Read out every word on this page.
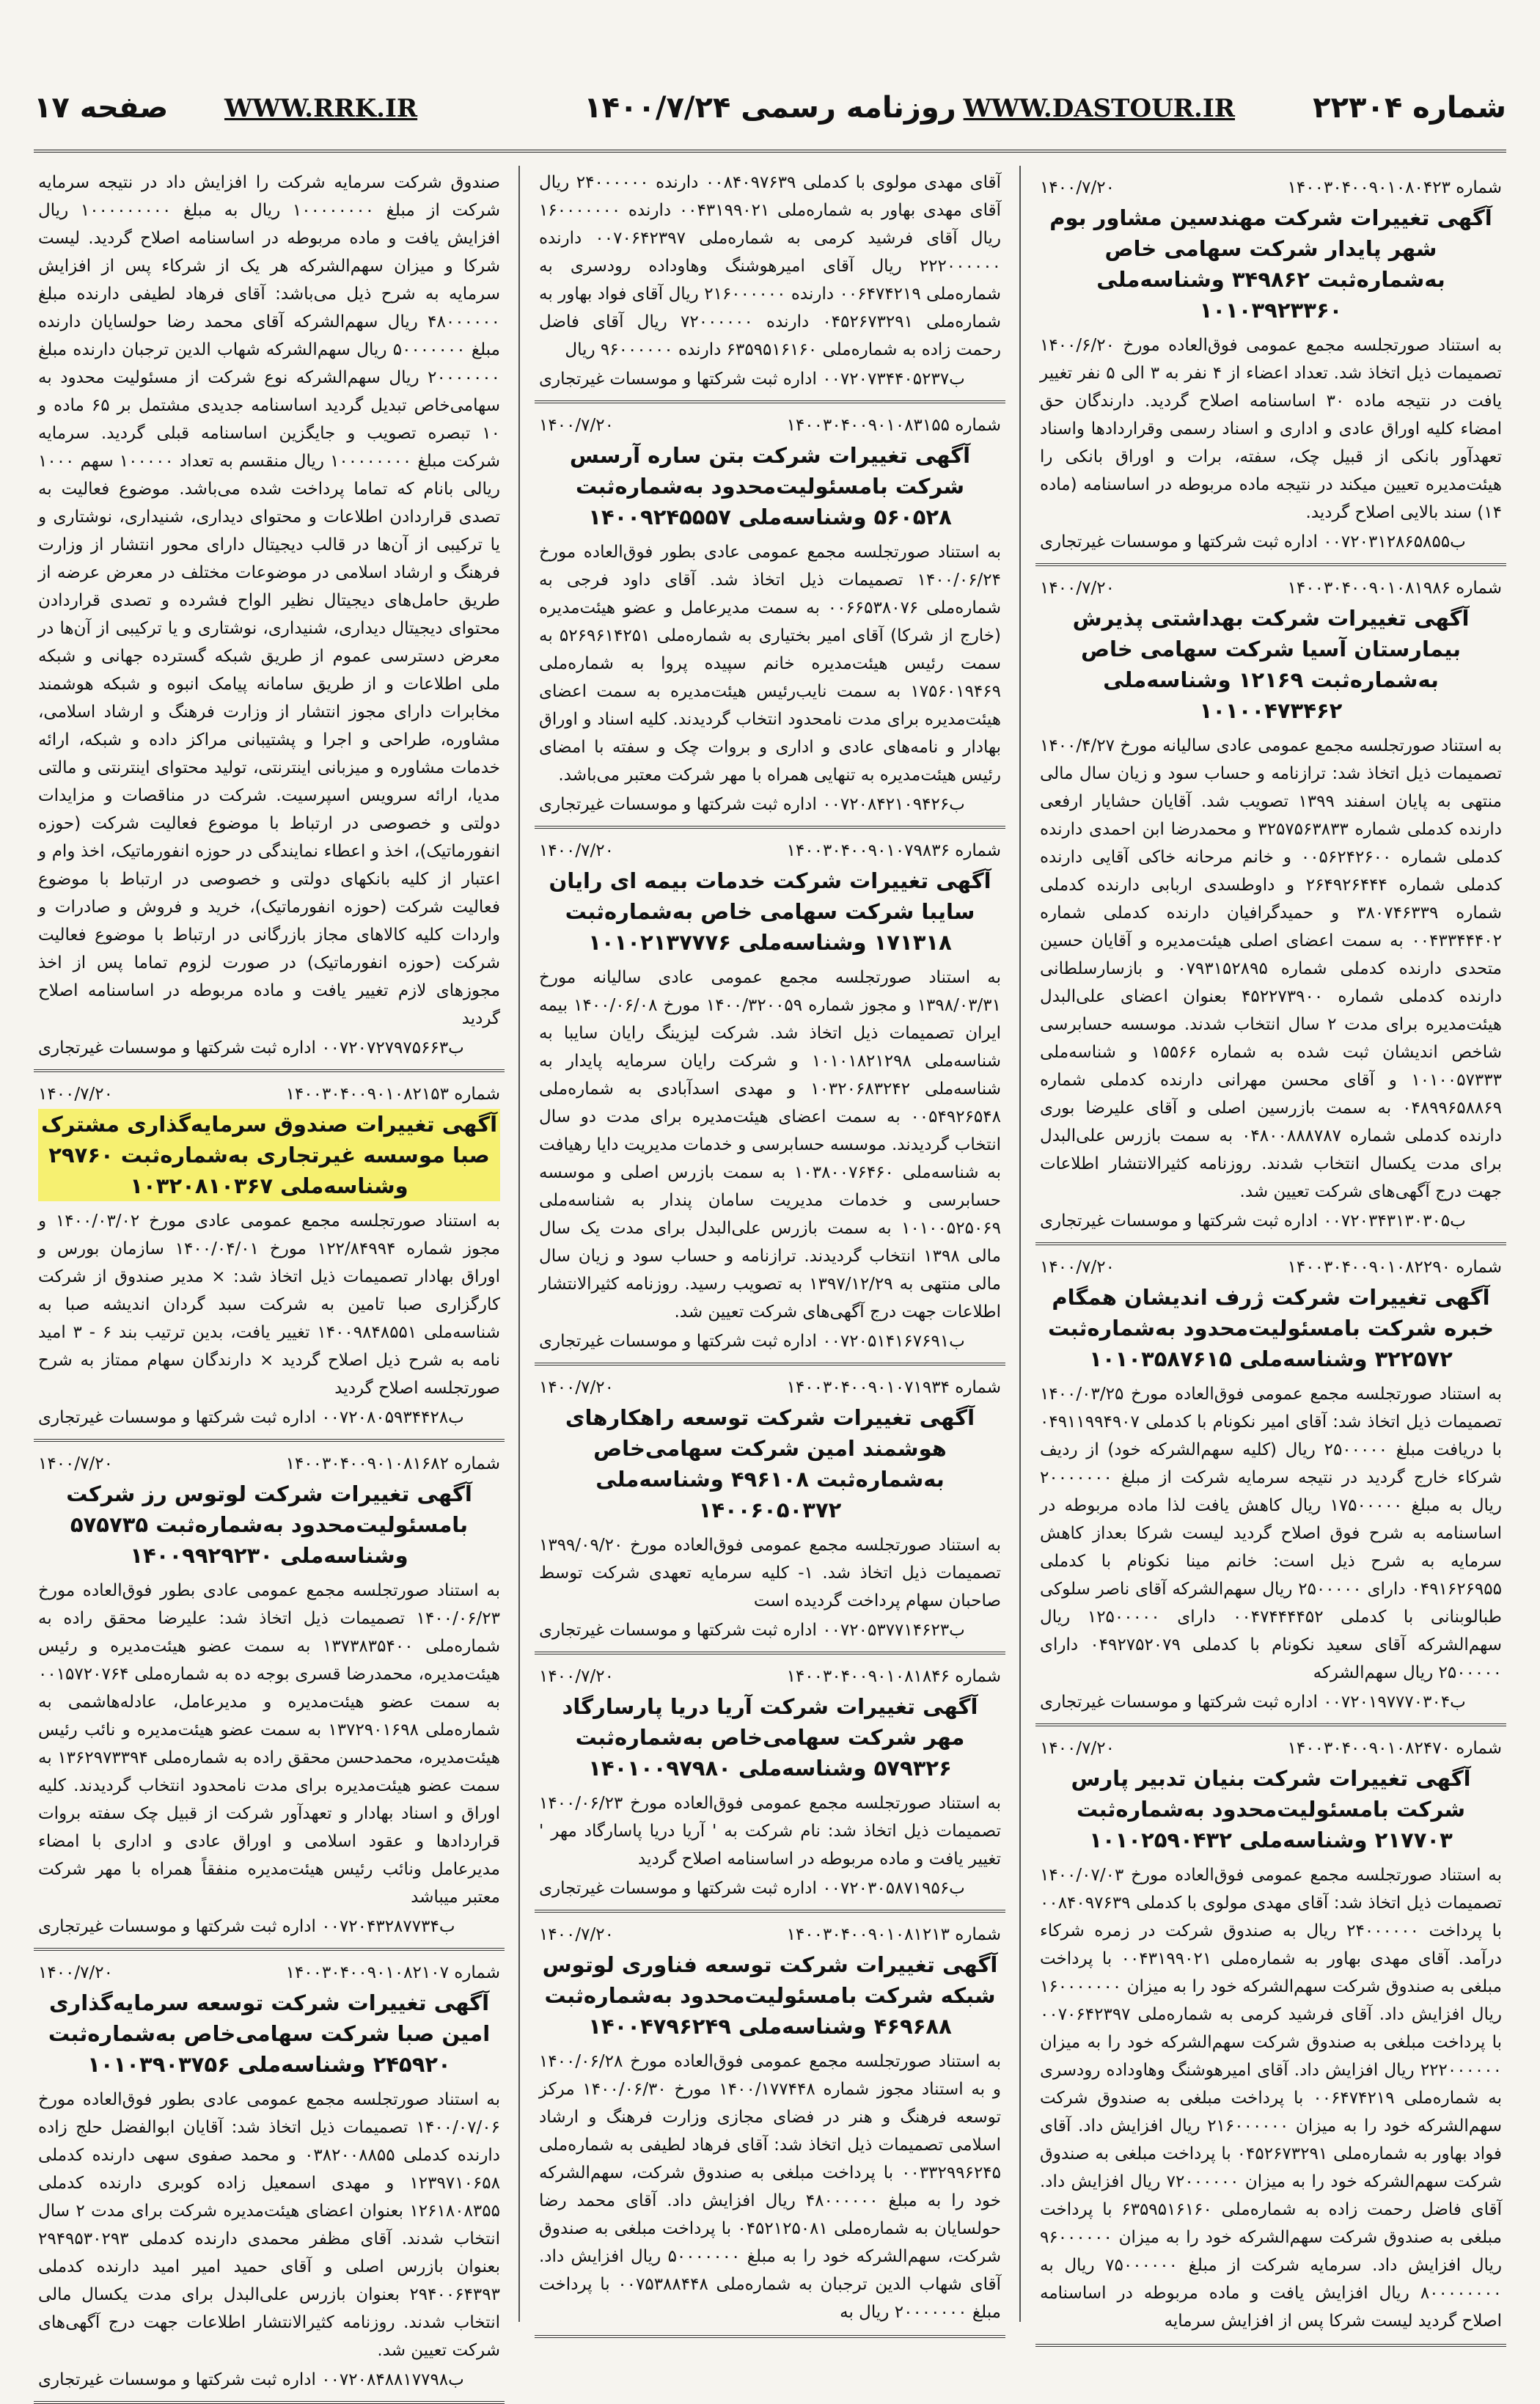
شماره ۲۲۳۰۴
WWW.DASTOUR.IR
روزنامه رسمی ۱۴۰۰/۷/۲۴
WWW.RRK.IR
صفحه ۱۷
شماره ۱۴۰۰۳۰۴۰۰۹۰۱۰۸۰۴۲۳
۱۴۰۰/۷/۲۰
آگهی تغییرات شرکت مهندسین مشاور بوم شهر پایدار شرکت سهامی خاص به‌شماره‌ثبت ۳۴۹۸۶۲ وشناسه‌ملی ۱۰۱۰۳۹۲۳۳۶۰

به استناد صورتجلسه مجمع عمومی فوق‌العاده مورخ ۱۴۰۰/۶/۲۰ تصمیمات ذیل اتخاذ شد. تعداد اعضاء از ۴ نفر به ۳ الی ۵ نفر تغییر یافت در نتیجه ماده ۳۰ اساسنامه اصلاح گردید. دارندگان حق امضاء کلیه اوراق عادی و اداری و اسناد رسمی وقراردادها واسناد تعهدآور بانکی از قبیل چک، سفته، برات و اوراق بانکی را هیئت‌مدیره تعیین میکند در نتیجه ماده مربوطه در اساسنامه (ماده ۱۴) سند بالایی اصلاح گردید.

ب۰۰۷۲۰۳۱۲۸۶۵۸۵۵ اداره ثبت شرکتها و موسسات غیرتجاری
شماره ۱۴۰۰۳۰۴۰۰۹۰۱۰۸۱۹۸۶
۱۴۰۰/۷/۲۰
آگهی تغییرات شرکت بهداشتی پذیرش بیمارستان آسیا شرکت سهامی خاص به‌شماره‌ثبت ۱۲۱۶۹ وشناسه‌ملی ۱۰۱۰۰۴۷۳۴۶۲

به استناد صورتجلسه مجمع عمومی عادی سالیانه مورخ ۱۴۰۰/۴/۲۷ تصمیمات ذیل اتخاذ شد: ترازنامه و حساب سود و زیان سال مالی منتهی به پایان اسفند ۱۳۹۹ تصویب شد. آقایان حشایار ارفعی دارنده کدملی شماره ۳۲۵۷۵۶۳۸۳۳ و محمدرضا ابن احمدی دارنده کدملی شماره ۰۰۵۶۲۴۲۶۰۰ و خانم مرحانه خاکی آقایی دارنده کدملی شماره ۲۶۴۹۲۶۴۴۴ و داوطسدی اربابی دارنده کدملی شماره ۳۸۰۷۴۶۳۳۹ و حمیدگرافیان دارنده کدملی شماره ۰۰۴۳۳۴۴۴۰۲ به سمت اعضای اصلی هیئت‌مدیره و آقایان حسین متحدی دارنده کدملی شماره ۰۷۹۳۱۵۲۸۹۵ و بازسارسلطانی دارنده کدملی شماره ۴۵۲۲۷۳۹۰۰ بعنوان اعضای علی‌البدل هیئت‌مدیره برای مدت ۲ سال انتخاب شدند. موسسه حسابرسی شاخص اندیشان ثبت شده به شماره ۱۵۵۶۶ و شناسه‌ملی ۱۰۱۰۰۵۷۳۳۳ و آقای محسن مهرانی دارنده کدملی شماره ۰۴۸۹۹۶۵۸۸۶۹ به سمت بازرسین اصلی و آقای علیرضا بوری دارنده کدملی شماره ۰۴۸۰۰۸۸۸۷۸۷ به سمت بازرس علی‌البدل برای مدت یکسال انتخاب شدند. روزنامه کثیرالانتشار اطلاعات جهت درج آگهی‌های شرکت تعیین شد.

ب۰۰۷۲۰۳۴۳۱۳۰۳۰۵ اداره ثبت شرکتها و موسسات غیرتجاری
شماره ۱۴۰۰۳۰۴۰۰۹۰۱۰۸۲۲۹۰
۱۴۰۰/۷/۲۰
آگهی تغییرات شرکت ژرف اندیشان همگام خبره شرکت بامسئولیت‌محدود به‌شماره‌ثبت ۳۲۲۵۷۲ وشناسه‌ملی ۱۰۱۰۳۵۸۷۶۱۵

به استناد صورتجلسه مجمع عمومی فوق‌العاده مورخ ۱۴۰۰/۰۳/۲۵ تصمیمات ذیل اتخاذ شد: آقای امیر نکونام با کدملی ۰۴۹۱۱۹۹۴۹۰۷ با دریافت مبلغ ۲۵۰۰۰۰۰ ریال (کلیه سهم‌الشرکه خود) از ردیف شرکاء خارج گردید در نتیجه سرمایه شرکت از مبلغ ۲۰۰۰۰۰۰۰ ریال به مبلغ ۱۷۵۰۰۰۰۰ ریال کاهش یافت لذا ماده مربوطه در اساسنامه به شرح فوق اصلاح گردید لیست شرکا بعداز کاهش سرمایه به شرح ذیل است: خانم مینا نکونام با کدملی ۰۴۹۱۶۲۶۹۵۵ دارای ۲۵۰۰۰۰۰ ریال سهم‌الشرکه آقای ناصر سلوکی طبالوبنانی با کدملی ۰۰۴۷۴۴۴۴۵۲ دارای ۱۲۵۰۰۰۰۰ ریال سهم‌الشرکه آقای سعید نکونام با کدملی ۰۴۹۲۷۵۲۰۷۹ دارای ۲۵۰۰۰۰۰ ریال سهم‌الشرکه

ب۰۰۷۲۰۱۹۷۷۷۰۳۰۴ اداره ثبت شرکتها و موسسات غیرتجاری
شماره ۱۴۰۰۳۰۴۰۰۹۰۱۰۸۲۴۷۰
۱۴۰۰/۷/۲۰
آگهی تغییرات شرکت بنیان تدبیر پارس شرکت بامسئولیت‌محدود به‌شماره‌ثبت ۲۱۷۷۰۳ وشناسه‌ملی ۱۰۱۰۲۵۹۰۴۳۲

به استناد صورتجلسه مجمع عمومی فوق‌العاده مورخ ۱۴۰۰/۰۷/۰۳ تصمیمات ذیل اتخاذ شد: آقای مهدی مولوی با کدملی ۰۰۸۴۰۹۷۶۳۹ با پرداخت ۲۴۰۰۰۰۰۰ ریال به صندوق شرکت در زمره شرکاء درآمد. آقای مهدی بهاور به شماره‌ملی ۰۰۴۳۱۹۹۰۲۱ با پرداخت مبلغی به صندوق شرکت سهم‌الشرکه خود را به میزان ۱۶۰۰۰۰۰۰۰ ریال افزایش داد. آقای فرشید کرمی به شماره‌ملی ۰۰۷۰۶۴۲۳۹۷ با پرداخت مبلغی به صندوق شرکت سهم‌الشرکه خود را به میزان ۲۲۲۰۰۰۰۰۰ ریال افزایش داد. آقای امیرهوشنگ وهاوداده رودسری به شماره‌ملی ۰۰۶۴۷۴۲۱۹ با پرداخت مبلغی به صندوق شرکت سهم‌الشرکه خود را به میزان ۲۱۶۰۰۰۰۰۰ ریال افزایش داد. آقای فواد بهاور به شماره‌ملی ۰۴۵۲۶۷۳۲۹۱ با پرداخت مبلغی به صندوق شرکت سهم‌الشرکه خود را به میزان ۷۲۰۰۰۰۰۰ ریال افزایش داد. آقای فاضل رحمت زاده به شماره‌ملی ۶۳۵۹۵۱۶۱۶۰ با پرداخت مبلغی به صندوق شرکت سهم‌الشرکه خود را به میزان ۹۶۰۰۰۰۰۰ ریال افزایش داد. سرمایه شرکت از مبلغ ۷۵۰۰۰۰۰۰ ریال به ۸۰۰۰۰۰۰۰۰ ریال افزایش یافت و ماده مربوطه در اساسنامه اصلاح گردید لیست شرکا پس از افزایش سرمایه

آقای مهدی مولوی با کدملی ۰۰۸۴۰۹۷۶۳۹ دارنده ۲۴۰۰۰۰۰۰ ریال آقای مهدی بهاور به شماره‌ملی ۰۰۴۳۱۹۹۰۲۱ دارنده ۱۶۰۰۰۰۰۰۰ ریال آقای فرشید کرمی به شماره‌ملی ۰۰۷۰۶۴۲۳۹۷ دارنده ۲۲۲۰۰۰۰۰۰ ریال آقای امیرهوشنگ وهاوداده رودسری به شماره‌ملی ۰۰۶۴۷۴۲۱۹ دارنده ۲۱۶۰۰۰۰۰۰ ریال آقای فواد بهاور به شماره‌ملی ۰۴۵۲۶۷۳۲۹۱ دارنده ۷۲۰۰۰۰۰۰ ریال آقای فاضل رحمت زاده به شماره‌ملی ۶۳۵۹۵۱۶۱۶۰ دارنده ۹۶۰۰۰۰۰۰ ریال

ب۰۰۷۲۰۷۳۴۴۰۵۲۳۷ اداره ثبت شرکتها و موسسات غیرتجاری
شماره ۱۴۰۰۳۰۴۰۰۹۰۱۰۸۳۱۵۵
۱۴۰۰/۷/۲۰
آگهی تغییرات شرکت بتن ساره آرسس شرکت بامسئولیت‌محدود به‌شماره‌ثبت ۵۶۰۵۲۸ وشناسه‌ملی ۱۴۰۰۹۲۴۵۵۵۷

به استناد صورتجلسه مجمع عمومی عادی بطور فوق‌العاده مورخ ۱۴۰۰/۰۶/۲۴ تصمیمات ذیل اتخاذ شد. آقای داود فرجی به شماره‌ملی ۰۰۶۶۵۳۸۰۷۶ به سمت مدیرعامل و عضو هیئت‌مدیره (خارج از شرکا) آقای امیر بختیاری به شماره‌ملی ۵۲۶۹۶۱۴۲۵۱ به سمت رئیس هیئت‌مدیره خانم سپیده پروا به شماره‌ملی ۱۷۵۶۰۱۹۴۶۹ به سمت نایب‌رئیس هیئت‌مدیره به سمت اعضای هیئت‌مدیره برای مدت نامحدود انتخاب گردیدند. کلیه اسناد و اوراق بهادار و نامه‌های عادی و اداری و بروات چک و سفته با امضای رئیس هیئت‌مدیره به تنهایی همراه با مهر شرکت معتبر می‌باشد.

ب۰۰۷۲۰۸۴۲۱۰۹۴۲۶ اداره ثبت شرکتها و موسسات غیرتجاری
شماره ۱۴۰۰۳۰۴۰۰۹۰۱۰۷۹۸۳۶
۱۴۰۰/۷/۲۰
آگهی تغییرات شرکت خدمات بیمه ای رایان سایبا شرکت سهامی خاص به‌شماره‌ثبت ۱۷۱۳۱۸ وشناسه‌ملی ۱۰۱۰۲۱۳۷۷۷۶

به استناد صورتجلسه مجمع عمومی عادی سالیانه مورخ ۱۳۹۸/۰۳/۳۱ و مجوز شماره ۱۴۰۰/۳۲۰۰۵۹ مورخ ۱۴۰۰/۰۶/۰۸ بیمه ایران تصمیمات ذیل اتخاذ شد. شرکت لیزینگ رایان سایبا به شناسه‌ملی ۱۰۱۰۱۸۲۱۲۹۸ و شرکت رایان سرمایه پایدار به شناسه‌ملی ۱۰۳۲۰۶۸۳۲۴۲ و مهدی اسدآبادی به شماره‌ملی ۰۰۵۴۹۲۶۵۴۸ به سمت اعضای هیئت‌مدیره برای مدت دو سال انتخاب گردیدند. موسسه حسابرسی و خدمات مدیریت دایا رهیافت به شناسه‌ملی ۱۰۳۸۰۰۷۶۴۶۰ به سمت بازرس اصلی و موسسه حسابرسی و خدمات مدیریت سامان پندار به شناسه‌ملی ۱۰۱۰۰۵۲۵۰۶۹ به سمت بازرس علی‌البدل برای مدت یک سال مالی ۱۳۹۸ انتخاب گردیدند. ترازنامه و حساب سود و زیان سال مالی منتهی به ۱۳۹۷/۱۲/۲۹ به تصویب رسید. روزنامه کثیرالانتشار اطلاعات جهت درج آگهی‌های شرکت تعیین شد.

ب۰۰۷۲۰۵۱۴۱۶۷۶۹۱ اداره ثبت شرکتها و موسسات غیرتجاری
شماره ۱۴۰۰۳۰۴۰۰۹۰۱۰۷۱۹۳۴
۱۴۰۰/۷/۲۰
آگهی تغییرات شرکت توسعه راهکارهای هوشمند امین شرکت سهامی‌خاص به‌شماره‌ثبت ۴۹۶۱۰۸ وشناسه‌ملی ۱۴۰۰۶۰۵۰۳۷۲

به استناد صورتجلسه مجمع عمومی فوق‌العاده مورخ ۱۳۹۹/۰۹/۲۰ تصمیمات ذیل اتخاذ شد. ۱- کلیه سرمایه تعهدی شرکت توسط صاحبان سهام پرداخت گردیده است

ب۰۰۷۲۰۵۳۷۷۱۴۶۲۳ اداره ثبت شرکتها و موسسات غیرتجاری
شماره ۱۴۰۰۳۰۴۰۰۹۰۱۰۸۱۸۴۶
۱۴۰۰/۷/۲۰
آگهی تغییرات شرکت آریا دریا پارسارگاد مهر شرکت سهامی‌خاص به‌شماره‌ثبت ۵۷۹۳۲۶ وشناسه‌ملی ۱۴۰۱۰۰۹۷۹۸۰

به استناد صورتجلسه مجمع عمومی فوق‌العاده مورخ ۱۴۰۰/۰۶/۲۳ تصمیمات ذیل اتخاذ شد: نام شرکت به ' آریا دریا پاسارگاد مهر ' تغییر یافت و ماده مربوطه در اساسنامه اصلاح گردید

ب۰۰۷۲۰۳۰۵۸۷۱۹۵۶ اداره ثبت شرکتها و موسسات غیرتجاری
شماره ۱۴۰۰۳۰۴۰۰۹۰۱۰۸۱۲۱۳
۱۴۰۰/۷/۲۰
آگهی تغییرات شرکت توسعه فناوری لوتوس شبکه شرکت بامسئولیت‌محدود به‌شماره‌ثبت ۴۶۹۶۸۸ وشناسه‌ملی ۱۴۰۰۴۷۹۶۲۴۹

به استناد صورتجلسه مجمع عمومی فوق‌العاده مورخ ۱۴۰۰/۰۶/۲۸ و به استناد مجوز شماره ۱۴۰۰/۱۷۷۴۴۸ مورخ ۱۴۰۰/۰۶/۳۰ مرکز توسعه فرهنگ و هنر در فضای مجازی وزارت فرهنگ و ارشاد اسلامی تصمیمات ذیل اتخاذ شد: آقای فرهاد لطیفی به شماره‌ملی ۰۰۳۳۲۹۹۶۲۴۵ با پرداخت مبلغی به صندوق شرکت، سهم‌الشرکه خود را به مبلغ ۴۸۰۰۰۰۰۰ ریال افزایش داد. آقای محمد رضا حولسایان به شماره‌ملی ۰۴۵۲۱۲۵۰۸۱ با پرداخت مبلغی به صندوق شرکت، سهم‌الشرکه خود را به مبلغ ۵۰۰۰۰۰۰۰ ریال افزایش داد. آقای شهاب الدین ترجبان به شماره‌ملی ۰۰۷۵۳۸۸۴۴۸ با پرداخت مبلغ ۲۰۰۰۰۰۰۰ ریال به

صندوق شرکت سرمایه شرکت را افزایش داد در نتیجه سرمایه شرکت از مبلغ ۱۰۰۰۰۰۰۰۰ ریال به مبلغ ۱۰۰۰۰۰۰۰۰۰ ریال افزایش یافت و ماده مربوطه در اساسنامه اصلاح گردید. لیست شرکا و میزان سهم‌الشرکه هر یک از شرکاء پس از افزایش سرمایه به شرح ذیل می‌باشد: آقای فرهاد لطیفی دارنده مبلغ ۴۸۰۰۰۰۰۰ ریال سهم‌الشرکه آقای محمد رضا حولسایان دارنده مبلغ ۵۰۰۰۰۰۰۰ ریال سهم‌الشرکه شهاب الدین ترجبان دارنده مبلغ ۲۰۰۰۰۰۰۰ ریال سهم‌الشرکه نوع شرکت از مسئولیت محدود به سهامی‌خاص تبدیل گردید اساسنامه جدیدی مشتمل بر ۶۵ ماده و ۱۰ تبصره تصویب و جایگزین اساسنامه قبلی گردید. سرمایه شرکت مبلغ ۱۰۰۰۰۰۰۰۰ ریال منقسم به تعداد ۱۰۰۰۰۰ سهم ۱۰۰۰ ریالی بانام که تماما پرداخت شده می‌باشد. موضوع فعالیت به تصدی قراردادن اطلاعات و محتوای دیداری، شنیداری، نوشتاری و یا ترکیبی از آن‌ها در قالب دیجیتال دارای محور انتشار از وزارت فرهنگ و ارشاد اسلامی در موضوعات مختلف در معرض عرضه از طریق حامل‌های دیجیتال نظیر الواح فشرده و تصدی قراردادن محتوای دیجیتال دیداری، شنیداری، نوشتاری و یا ترکیبی از آن‌ها در معرض دسترسی عموم از طریق شبکه گسترده جهانی و شبکه ملی اطلاعات و از طریق سامانه پیامک انبوه و شبکه هوشمند مخابرات دارای مجوز انتشار از وزارت فرهنگ و ارشاد اسلامی، مشاوره، طراحی و اجرا و پشتیبانی مراکز داده و شبکه، ارائه خدمات مشاوره و میزبانی اینترنتی، تولید محتوای اینترنتی و مالتی مدیا، ارائه سرویس اسپرسیت. شرکت در مناقصات و مزایدات دولتی و خصوصی در ارتباط با موضوع فعالیت شرکت (حوزه انفورماتیک)، اخذ و اعطاء نمایندگی در حوزه انفورماتیک، اخذ وام و اعتبار از کلیه بانکهای دولتی و خصوصی در ارتباط با موضوع فعالیت شرکت (حوزه انفورماتیک)، خرید و فروش و صادرات و واردات کلیه کالاهای مجاز بازرگانی در ارتباط با موضوع فعالیت شرکت (حوزه انفورماتیک) در صورت لزوم تماما پس از اخذ مجوزهای لازم تغییر یافت و ماده مربوطه در اساسنامه اصلاح گردید

ب۰۰۷۲۰۷۲۷۹۷۵۶۶۳ اداره ثبت شرکتها و موسسات غیرتجاری
شماره ۱۴۰۰۳۰۴۰۰۹۰۱۰۸۲۱۵۳
۱۴۰۰/۷/۲۰
آگهی تغییرات صندوق سرمایه‌گذاری مشترک صبا موسسه غیرتجاری به‌شماره‌ثبت ۲۹۷۶۰ وشناسه‌ملی ۱۰۳۲۰۸۱۰۳۶۷

به استناد صورتجلسه مجمع عمومی عادی مورخ ۱۴۰۰/۰۳/۰۲ و مجوز شماره ۱۲۲/۸۴۹۹۴ مورخ ۱۴۰۰/۰۴/۰۱ سازمان بورس و اوراق بهادار تصمیمات ذیل اتخاذ شد: × مدیر صندوق از شرکت کارگزاری صبا تامین به شرکت سبد گردان اندیشه صبا به شناسه‌ملی ۱۴۰۰۹۸۴۸۵۵۱ تغییر یافت، بدین ترتیب بند ۶ - ۳ امید نامه به شرح ذیل اصلاح گردید × دارندگان سهام ممتاز به شرح صورتجلسه اصلاح گردید

ب۰۰۷۲۰۸۰۵۹۳۴۴۲۸ اداره ثبت شرکتها و موسسات غیرتجاری
شماره ۱۴۰۰۳۰۴۰۰۹۰۱۰۸۱۶۸۲
۱۴۰۰/۷/۲۰
آگهی تغییرات شرکت لوتوس رز شرکت بامسئولیت‌محدود به‌شماره‌ثبت ۵۷۵۷۳۵ وشناسه‌ملی ۱۴۰۰۹۹۲۹۲۳۰

به استناد صورتجلسه مجمع عمومی عادی بطور فوق‌العاده مورخ ۱۴۰۰/۰۶/۲۳ تصمیمات ذیل اتخاذ شد: علیرضا محقق راده به شماره‌ملی ۱۳۷۳۸۳۵۴۰۰ به سمت عضو هیئت‌مدیره و رئیس هیئت‌مدیره، محمدرضا قسری بوجه ده به شماره‌ملی ۰۰۱۵۷۲۰۷۶۴ به سمت عضو هیئت‌مدیره و مدیرعامل، عادله‌هاشمی به شماره‌ملی ۱۳۷۲۹۰۱۶۹۸ به سمت عضو هیئت‌مدیره و نائب رئیس هیئت‌مدیره، محمدحسن محقق راده به شماره‌ملی ۱۳۶۲۹۷۳۳۹۴ به سمت عضو هیئت‌مدیره برای مدت نامحدود انتخاب گردیدند. کلیه اوراق و اسناد بهادار و تعهدآور شرکت از قبیل چک سفته بروات قراردادها و عقود اسلامی و اوراق عادی و اداری با امضاء مدیرعامل ونائب رئیس هیئت‌مدیره منفقاً همراه با مهر شرکت معتبر میباشد

ب۰۰۷۲۰۴۳۲۸۷۷۳۴ اداره ثبت شرکتها و موسسات غیرتجاری
شماره ۱۴۰۰۳۰۴۰۰۹۰۱۰۸۲۱۰۷
۱۴۰۰/۷/۲۰
آگهی تغییرات شرکت توسعه سرمایه‌گذاری امین صبا شرکت سهامی‌خاص به‌شماره‌ثبت ۲۴۵۹۲۰ وشناسه‌ملی ۱۰۱۰۳۹۰۳۷۵۶

به استناد صورتجلسه مجمع عمومی عادی بطور فوق‌العاده مورخ ۱۴۰۰/۰۷/۰۶ تصمیمات ذیل اتخاذ شد: آقایان ابوالفضل حلج زاده دارنده کدملی ۰۳۸۲۰۰۸۸۵۵ و محمد صفوی سهی دارنده کدملی ۱۲۳۹۷۱۰۶۵۸ و مهدی اسمعیل زاده کوبری دارنده کدملی ۱۲۶۱۸۰۸۳۵۵ بعنوان اعضای هیئت‌مدیره شرکت برای مدت ۲ سال انتخاب شدند. آقای مظفر محمدی دارنده کدملی ۲۹۴۹۵۳۰۲۹۳ بعنوان بازرس اصلی و آقای حمید امیر امید دارنده کدملی ۲۹۴۰۰۶۴۳۹۳ بعنوان بازرس علی‌البدل برای مدت یکسال مالی انتخاب شدند. روزنامه کثیرالانتشار اطلاعات جهت درج آگهی‌های شرکت تعیین شد.

ب۰۰۷۲۰۸۴۸۸۱۷۷۹۸ اداره ثبت شرکتها و موسسات غیرتجاری
